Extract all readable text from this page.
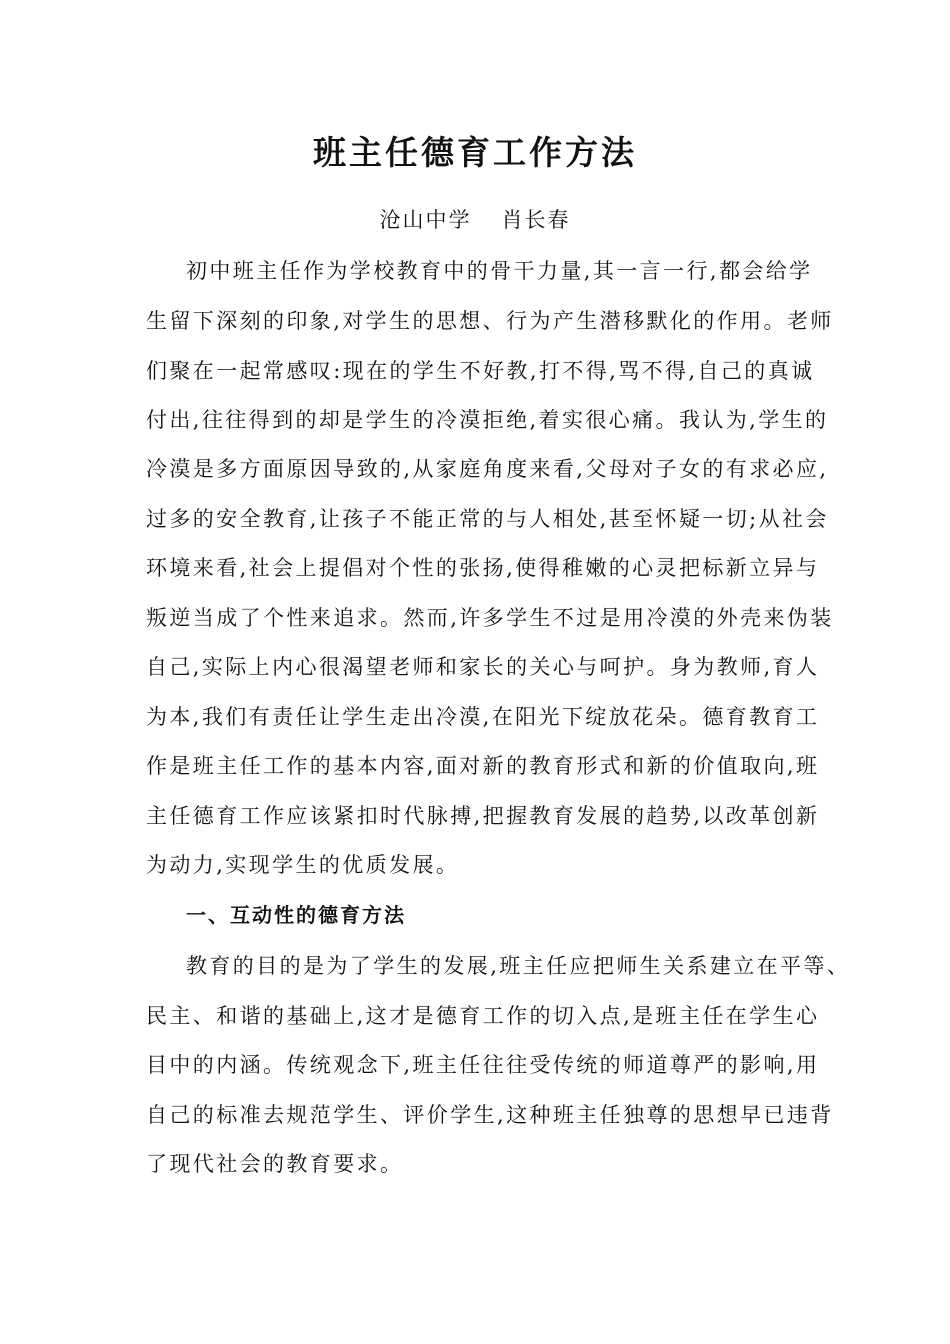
班主任德育工作方法
沧山中学 肖长春
初中班主任作为学校教育中的骨干力量,其一言一行,都会给学
生留下深刻的印象,对学生的思想、行为产生潜移默化的作用。老师
们聚在一起常感叹:现在的学生不好教,打不得,骂不得,自己的真诚
付出,往往得到的却是学生的冷漠拒绝,着实很心痛。我认为,学生的
冷漠是多方面原因导致的,从家庭角度来看,父母对子女的有求必应,
过多的安全教育,让孩子不能正常的与人相处,甚至怀疑一切;从社会
环境来看,社会上提倡对个性的张扬,使得稚嫩的心灵把标新立异与
叛逆当成了个性来追求。然而,许多学生不过是用冷漠的外壳来伪装
自己,实际上内心很渴望老师和家长的关心与呵护。身为教师,育人
为本,我们有责任让学生走出冷漠,在阳光下绽放花朵。德育教育工
作是班主任工作的基本内容,面对新的教育形式和新的价值取向,班
主任德育工作应该紧扣时代脉搏,把握教育发展的趋势,以改革创新
为动力,实现学生的优质发展。
一、互动性的德育方法
教育的目的是为了学生的发展,班主任应把师生关系建立在平等、
民主、和谐的基础上,这才是德育工作的切入点,是班主任在学生心
目中的内涵。传统观念下,班主任往往受传统的师道尊严的影响,用
自己的标准去规范学生、评价学生,这种班主任独尊的思想早已违背
了现代社会的教育要求。
